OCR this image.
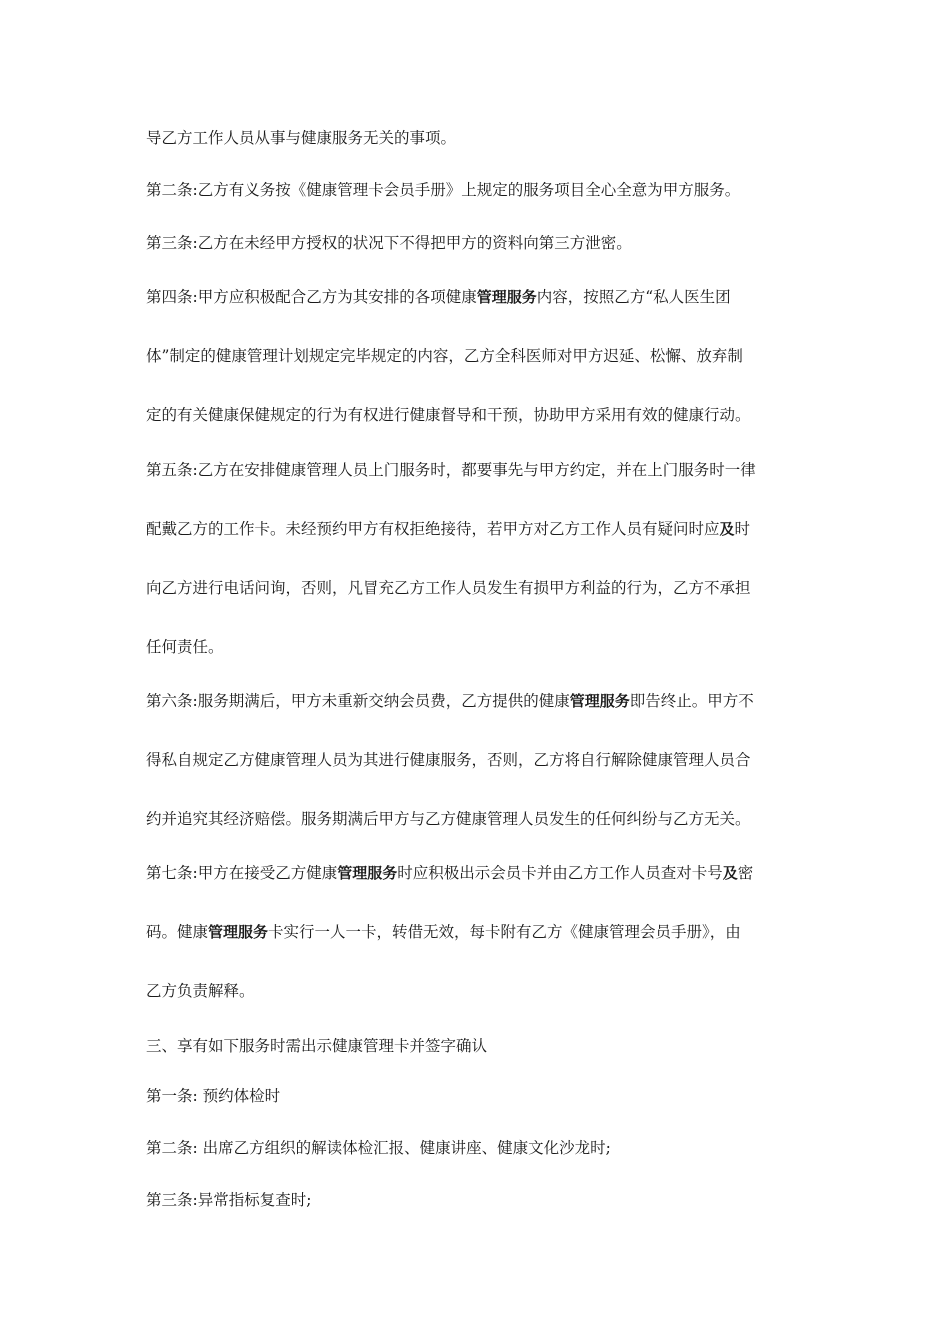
导乙方工作人员从事与健康服务无关的事项。
第二条:乙方有义务按《健康管理卡会员手册》上规定的服务项目全心全意为甲方服务。
第三条:乙方在未经甲方授权的状况下不得把甲方的资料向第三方泄密。
第四条:甲方应积极配合乙方为其安排的各项健康管理服务内容，按照乙方“私人医生团
体”制定的健康管理计划规定完毕规定的内容，乙方全科医师对甲方迟延、松懈、放弃制
定的有关健康保健规定的行为有权进行健康督导和干预，协助甲方采用有效的健康行动。
第五条:乙方在安排健康管理人员上门服务时，都要事先与甲方约定，并在上门服务时一律
配戴乙方的工作卡。未经预约甲方有权拒绝接待，若甲方对乙方工作人员有疑问时应及时
向乙方进行电话问询，否则，凡冒充乙方工作人员发生有损甲方利益的行为，乙方不承担
任何责任。
第六条:服务期满后，甲方未重新交纳会员费，乙方提供的健康管理服务即告终止。甲方不
得私自规定乙方健康管理人员为其进行健康服务，否则，乙方将自行解除健康管理人员合
约并追究其经济赔偿。服务期满后甲方与乙方健康管理人员发生的任何纠纷与乙方无关。
第七条:甲方在接受乙方健康管理服务时应积极出示会员卡并由乙方工作人员查对卡号及密
码。健康管理服务卡实行一人一卡，转借无效，每卡附有乙方《健康管理会员手册》，由
乙方负责解释。
三、享有如下服务时需出示健康管理卡并签字确认
第一条: 预约体检时
第二条: 出席乙方组织的解读体检汇报、健康讲座、健康文化沙龙时;
第三条:异常指标复查时;
